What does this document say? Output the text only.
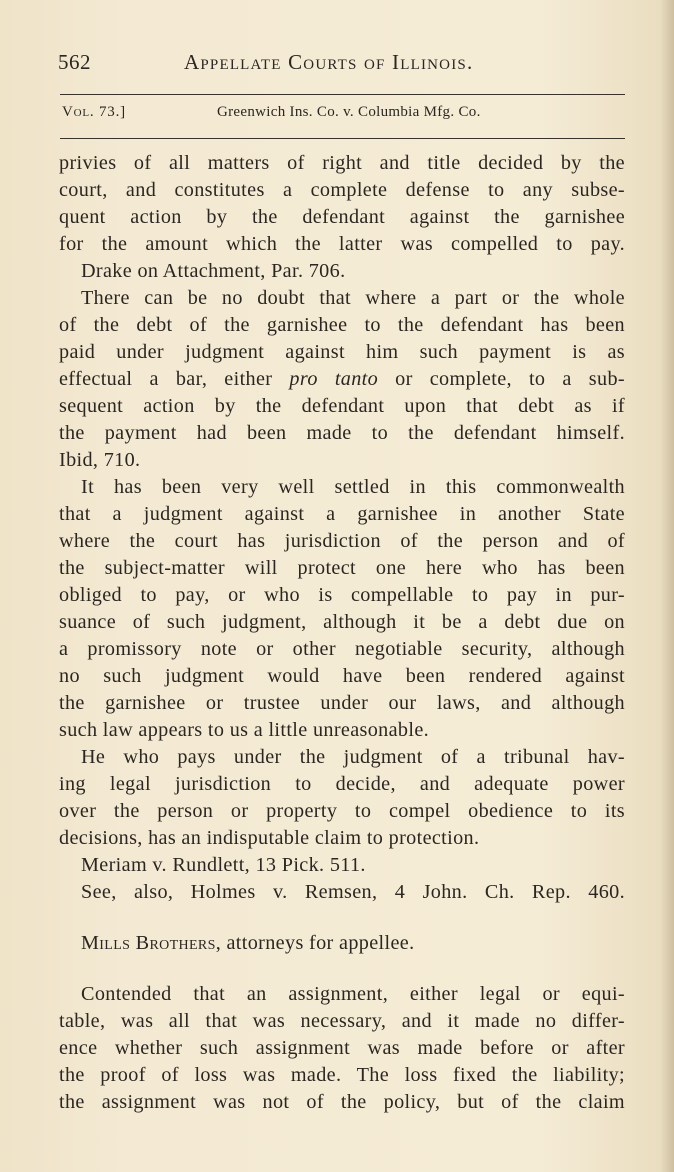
562	Appellate Courts of Illinois.
Vol. 73.]	Greenwich Ins. Co. v. Columbia Mfg. Co.
privies of all matters of right and title decided by the
court, and constitutes a complete defense to any subse-
quent action by the defendant against the garnishee
for the amount which the latter was compelled to pay.
Drake on Attachment, Par. 706.
There can be no doubt that where a part or the whole
of the debt of the garnishee to the defendant has been
paid under judgment against him such payment is as
effectual a bar, either pro tanto or complete, to a sub-
sequent action by the defendant upon that debt as if
the payment had been made to the defendant himself.
Ibid, 710.
It has been very well settled in this commonwealth
that a judgment against a garnishee in another State
where the court has jurisdiction of the person and of
the subject-matter will protect one here who has been
obliged to pay, or who is compellable to pay in pur-
suance of such judgment, although it be a debt due on
a promissory note or other negotiable security, although
no such judgment would have been rendered against
the garnishee or trustee under our laws, and although
such law appears to us a little unreasonable.
He who pays under the judgment of a tribunal hav-
ing legal jurisdiction to decide, and adequate power
over the person or property to compel obedience to its
decisions, has an indisputable claim to protection.
Meriam v. Rundlett, 13 Pick. 511.
See, also, Holmes v. Remsen, 4 John. Ch. Rep. 460.
Mills Brothers, attorneys for appellee.
Contended that an assignment, either legal or equi-
table, was all that was necessary, and it made no differ-
ence whether such assignment was made before or after
the proof of loss was made. The loss fixed the liability;
the assignment was not of the policy, but of the claim
